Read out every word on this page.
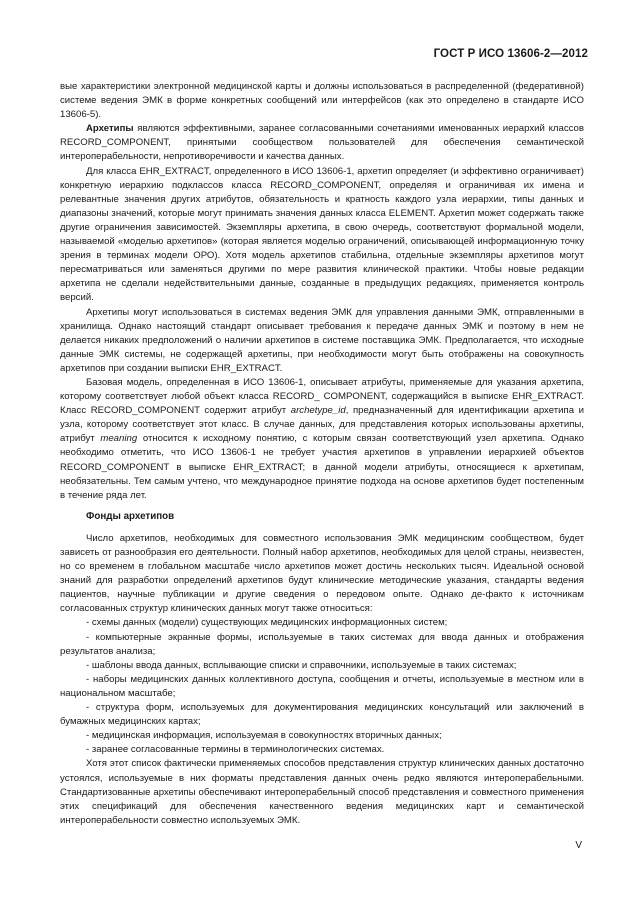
ГОСТ Р ИСО 13606-2—2012

вые характеристики электронной медицинской карты и должны использоваться в распределенной (федеративной) системе ведения ЭМК в форме конкретных сообщений или интерфейсов (как это определено в стандарте ИСО 13606-5).

Архетипы являются эффективными, заранее согласованными сочетаниями именованных иерархий классов RECORD_COMPONENT, принятыми сообществом пользователей для обеспечения семантической интероперабельности, непротиворечивости и качества данных.

Для класса EHR_EXTRACT, определенного в ИСО 13606-1, архетип определяет (и эффективно ограничивает) конкретную иерархию подклассов класса RECORD_COMPONENT, определяя и ограничивая их имена и релевантные значения других атрибутов, обязательность и кратность каждого узла иерархии, типы данных и диапазоны значений, которые могут принимать значения данных класса ELEMENT. Архетип может содержать также другие ограничения зависимостей. Экземпляры архетипа, в свою очередь, соответствуют формальной модели, называемой «моделью архетипов» (которая является моделью ограничений, описывающей информационную точку зрения в терминах модели ОРО). Хотя модель архетипов стабильна, отдельные экземпляры архетипов могут пересматриваться или заменяться другими по мере развития клинической практики. Чтобы новые редакции архетипа не сделали недействительными данные, созданные в предыдущих редакциях, применяется контроль версий.

Архетипы могут использоваться в системах ведения ЭМК для управления данными ЭМК, отправленными в хранилища. Однако настоящий стандарт описывает требования к передаче данных ЭМК и поэтому в нем не делается никаких предположений о наличии архетипов в системе поставщика ЭМК. Предполагается, что исходные данные ЭМК системы, не содержащей архетипы, при необходимости могут быть отображены на совокупность архетипов при создании выписки EHR_EXTRACT.

Базовая модель, определенная в ИСО 13606-1, описывает атрибуты, применяемые для указания архетипа, которому соответствует любой объект класса RECORD_ COMPONENT, содержащийся в выписке EHR_EXTRACT. Класс RECORD_COMPONENT содержит атрибут archetype_id, предназначенный для идентификации архетипа и узла, которому соответствует этот класс. В случае данных, для представления которых использованы архетипы, атрибут meaning относится к исходному понятию, с которым связан соответствующий узел архетипа. Однако необходимо отметить, что ИСО 13606-1 не требует участия архетипов в управлении иерархией объектов RECORD_COMPONENT в выписке EHR_EXTRACT; в данной модели атрибуты, относящиеся к архетипам, необязательны. Тем самым учтено, что международное принятие подхода на основе архетипов будет постепенным в течение ряда лет.

Фонды архетипов

Число архетипов, необходимых для совместного использования ЭМК медицинским сообществом, будет зависеть от разнообразия его деятельности. Полный набор архетипов, необходимых для целой страны, неизвестен, но со временем в глобальном масштабе число архетипов может достичь нескольких тысяч. Идеальной основой знаний для разработки определений архетипов будут клинические методические указания, стандарты ведения пациентов, научные публикации и другие сведения о передовом опыте. Однако де-факто к источникам согласованных структур клинических данных могут также относиться:

- схемы данных (модели) существующих медицинских информационных систем;

- компьютерные экранные формы, используемые в таких системах для ввода данных и отображения результатов анализа;

- шаблоны ввода данных, всплывающие списки и справочники, используемые в таких системах;

- наборы медицинских данных коллективного доступа, сообщения и отчеты, используемые в местном или в национальном масштабе;

- структура форм, используемых для документирования медицинских консультаций или заключений в бумажных медицинских картах;

- медицинская информация, используемая в совокупностях вторичных данных;

- заранее согласованные термины в терминологических системах.

Хотя этот список фактически применяемых способов представления структур клинических данных достаточно устоялся, используемые в них форматы представления данных очень редко являются интероперабельными. Стандартизованные архетипы обеспечивают интероперабельный способ представления и совместного применения этих спецификаций для обеспечения качественного ведения медицинских карт и семантической интероперабельности совместно используемых ЭМК.

V
